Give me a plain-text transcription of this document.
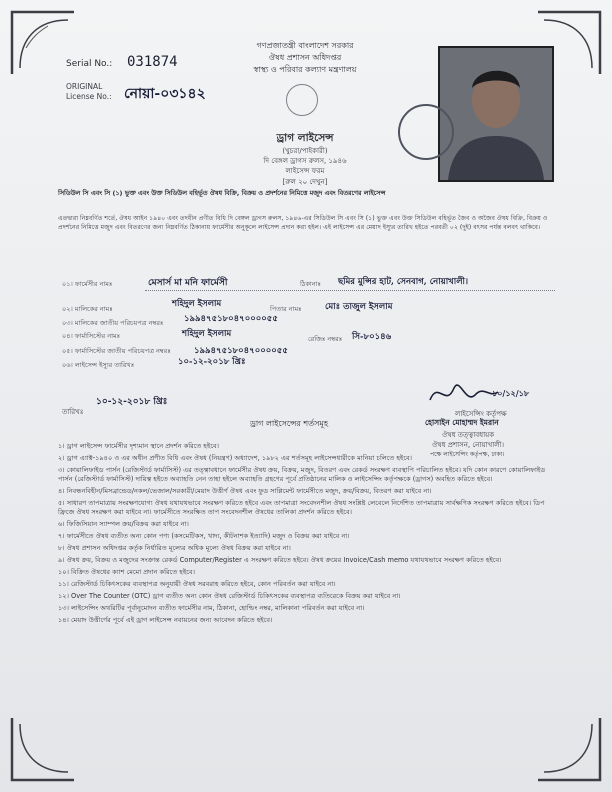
গণপ্রজাতন্ত্রী বাংলাদেশ সরকার
ঔষধ প্রশাসন অধিদপ্তর
স্বাস্থ্য ও পরিবার কল্যাণ মন্ত্রণালয়
Serial No.: 031874
ORIGINAL
License No.: নোয়া-০৩১৪২
ড্রাগ লাইসেন্স
(খুচরা/পাইকারী)
দি বেঙ্গল ড্রাগস রুলস, ১৯৪৬
লাইসেন্স ফরম
[রুল ২০ দেখুন]
সিডিউল সি এবং সি (১) ভুক্ত এবং উক্ত সিডিউল বহির্ভূত ঔষধ বিক্রি, বিক্রয় ও প্রদর্শনের নিমিত্তে মজুদ এবং বিতরণের লাইসেন্স
এতদ্বারা নিম্নবর্ণিত শর্তে, ঔষধ আইন ১৯৪০ এবং তদধীন প্রণীত বিধি দি বেঙ্গল ড্রাগস রুলস, ১৯৪৬-এর সিডিউল সি এবং সি (১) ভুক্ত এবং উক্ত সিডিউল বহির্ভূত জৈব ও অজৈব ঔষধ বিক্রি, বিক্রয় ও প্রদর্শনের নিমিত্তে মজুদ এবং বিতরণের জন্য নিম্নবর্ণিত ঠিকানায় ফার্মেসীর অনুকূলে লাইসেন্স প্রদান করা হইল। এই লাইসেন্স এর মেয়াদ ইস্যুর তারিখ হইতে পরবর্তী ০২ (দুই) বৎসর পর্যন্ত বলবৎ থাকিবে।
০১। ফার্মেসীর নামঃ	মেসার্স মা মনি ফার্মেসী	ঠিকানাঃ ছমির মুন্সির হাট, সেনবাগ, নোয়াখালী।
০২। মালিকের নামঃ	শহিদুল ইসলাম	পিতার নামঃ	মোঃ তাজুল ইসলাম
০৩। মালিকের জাতীয় পরিচয়পত্র নম্বরঃ ১৯৯৪৭৫১৮০৪৭০০০০৫৫
০৪। ফার্মাসিস্টের নামঃ	শহিদুল ইসলাম	রেজিঃ নম্বরঃ সি-৮০১৪৬
০৫। ফার্মাসিস্টের জাতীয় পরিচয়পত্র নম্বরঃ	১৯৯৪৭৫১৮০৪৭০০০০৫৫
০৬। লাইসেন্স ইস্যুর তারিখঃ	১০-১২-২০১৮ খ্রিঃ
১০-১২-২০১৮ খ্রিঃ
তারিখঃ
১০/১২/১৮
লাইসেন্সিং কর্তৃপক্ষ
ড্রাগ লাইসেন্সের শর্তসমূহ	হোসাইন মোহাম্মদ ইমরান
ঔষধ তত্ত্বাবধায়ক
ঔষধ প্রশাসন, নোয়াখালী।
পক্ষে লাইসেন্সিং কর্তৃপক্ষ, ঢাকা।
১। ড্রাগ লাইসেন্স ফার্মেসীর দৃশ্যমান স্থানে প্রদর্শন করিতে হইবে।
২। ড্রাগ এ্যাক্ট-১৯৪০ ও এর অধীন প্রণীত বিধি এবং ঔষধ (নিয়ন্ত্রণ) অধ্যাদেশ, ১৯৮২ এর শর্তসমূহ লাইসেন্সধারীকে মানিয়া চলিতে হইবে।
৩। কোয়ালিফাইড পার্সন (রেজিস্টার্ড ফার্মাসিস্ট) এর তত্ত্বাবধানে ফার্মেসীর ঔষধ ক্রয়, বিক্রয়, মজুদ, বিতরণ এবং রেকর্ড সংরক্ষণ ব্যবস্থাপি পরিচালিত হইবে। যদি কোন কারণে কোয়ালিফাইড পার্সন (রেজিস্টার্ড ফার্মাসিস্ট) দায়িত্ব হইতে অব্যাহতি নেন তাহা হইলে অব্যাহতি গ্রহণের পূর্বে প্রতিষ্ঠানের মালিক ও লাইসেন্সিং কর্তৃপক্ষকে (ড্রাগস) অবহিত করিতে হইবে।
৪। নিবন্ধনবিহীন/মিসব্রান্ডেড/নকল/ভেজাল/সরকারী/মেয়াদ উত্তীর্ণ ঔষধ এবং ফুড সাপ্লিমেন্ট ফার্মেসীতে মজুদ, ক্রয়/বিক্রয়, বিতরণ করা যাইবে না।
৫। সাধারণ তাপমাত্রায় সংরক্ষণযোগ্য ঔষধ যথাযথভাবে সংরক্ষণ করিতে হইবে এবং তাপমাত্রা সংবেদনশীল ঔষধ সংশ্লিষ্ট লেবেলে নির্দেশিত তাপমাত্রায় সার্বক্ষণিক সংরক্ষণ করিতে হইবে। ডিপ ফ্রিজে ঔষধ সংরক্ষণ করা যাইবে না। ফার্মেসীতে সংরক্ষিত তাপ সংবেদনশীল ঔষধের তালিকা প্রদর্শন করিতে হইবে।
৬। ফিজিসিয়ান স্যাম্পল ক্রয়/বিক্রয় করা যাইবে না।
৭। ফার্মেসীতে ঔষধ ব্যতীত অন্য কোন পণ্য (কসমেটিকস, খাদ্য, কীটনাশক ইত্যাদি) মজুদ ও বিক্রয় করা যাইবে না।
৮। ঔষধ প্রশাসন অধিদপ্তর কর্তৃক নির্ধারিত মূল্যের অধিক মূল্যে ঔষধ বিক্রয় করা যাইবে না।
৯। ঔষধ ক্রয়, বিক্রয় ও মজুদের সংক্রান্ত রেকর্ড Computer/Register এ সংরক্ষণ করিতে হইবে। ঔষধ ক্রয়ের Invoice/Cash memo যথাযথভাবে সংরক্ষণ করিতে হইবে।
১০। বিক্রিত ঔষধের ক্যাশ মেমো প্রদান করিতে হইবে।
১১। রেজিস্টার্ড চিকিৎসকের ব্যবস্থাপত্র অনুযায়ী ঔষধ সরবরাহ করিতে হইবে, কোন পরিবর্তন করা যাইবে না।
১২। Over The Counter (OTC) ড্রাগ ব্যতীত অন্য কোন ঔষধ রেজিস্টার্ড চিকিৎসকের ব্যবস্থাপত্র ব্যতিরেকে বিক্রয় করা যাইবে না।
১৩। লাইসেন্সিং অথরিটির পূর্বানুমোদন ব্যতীত ফার্মেসীর নাম, ঠিকানা, হোল্ডিং নম্বর, মালিকানা পরিবর্তন করা যাইবে না।
১৪। মেয়াদ উত্তীর্ণের পূর্বে এই ড্রাগ লাইসেন্স নবায়নের জন্য আবেদন করিতে হইবে।
